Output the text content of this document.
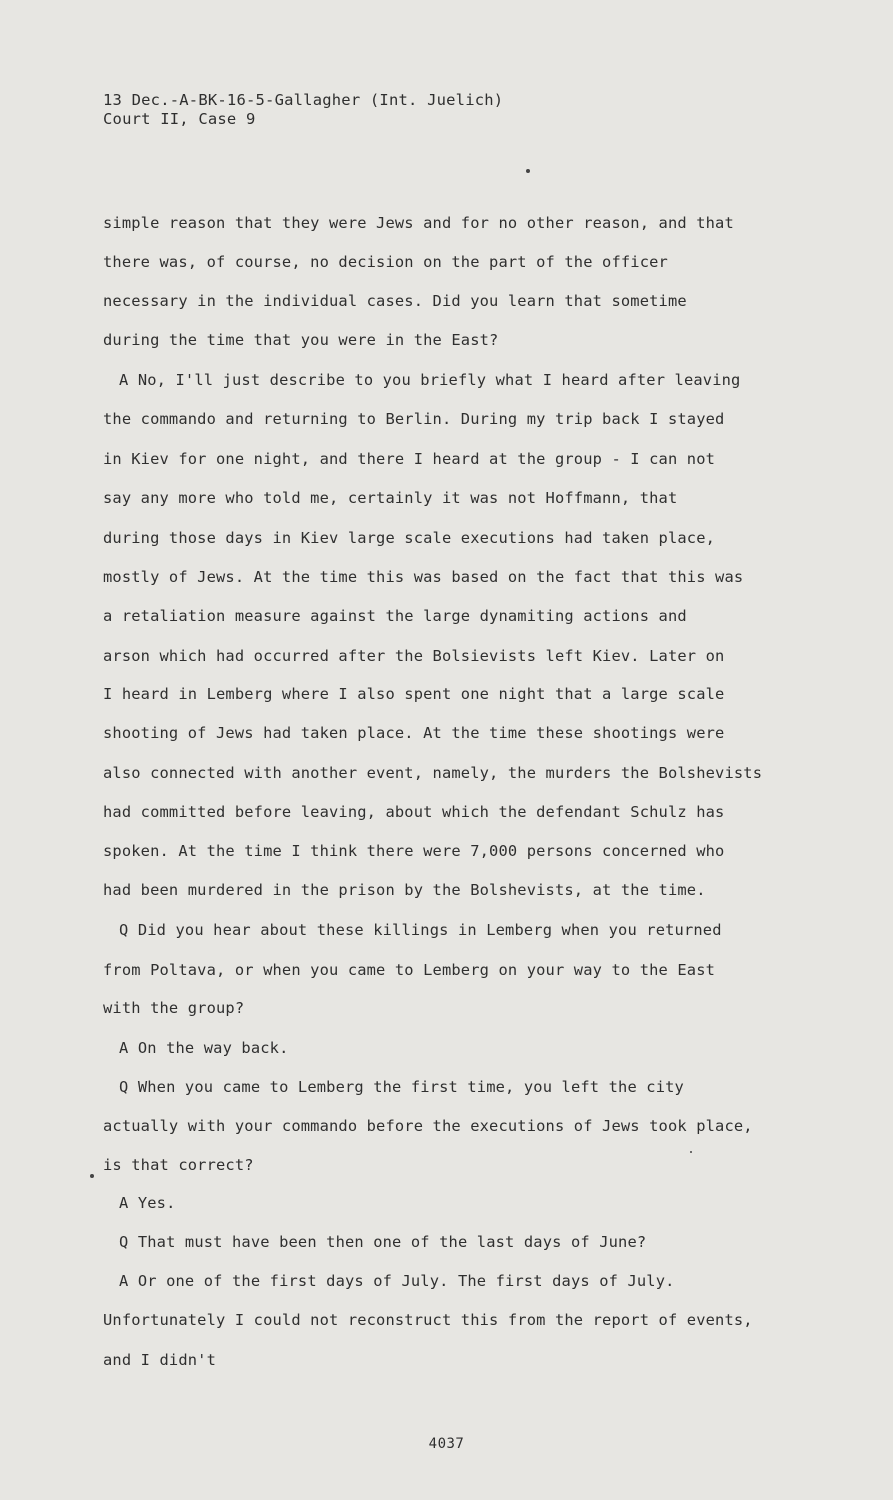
13 Dec.-A-BK-16-5-Gallagher (Int. Juelich)
Court II, Case 9
simple reason that they were Jews and for no other reason, and that
there was, of course, no decision on the part of the officer
necessary in the individual cases. Did you learn that sometime
during the time that you were in the East?
A No, I'll just describe to you briefly what I heard after leaving
the commando and returning to Berlin. During my trip back I stayed
in Kiev for one night, and there I heard at the group - I can not
say any more who told me, certainly it was not Hoffmann, that
during those days in Kiev large scale executions had taken place,
mostly of Jews. At the time this was based on the fact that this was
a retaliation measure against the large dynamiting actions and
arson which had occurred after the Bolsievists left Kiev. Later on
I heard in Lemberg where I also spent one night that a large scale
shooting of Jews had taken place. At the time these shootings were
also connected with another event, namely, the murders the Bolshevists
had committed before leaving, about which the defendant Schulz has
spoken. At the time I think there were 7,000 persons concerned who
had been murdered in the prison by the Bolshevists, at the time.
Q Did you hear about these killings in Lemberg when you returned
from Poltava, or when you came to Lemberg on your way to the East
with the group?
A On the way back.
Q When you came to Lemberg the first time, you left the city
actually with your commando before the executions of Jews took place,
is that correct?
A Yes.
Q That must have been then one of the last days of June?
A Or one of the first days of July. The first days of July.
Unfortunately I could not reconstruct this from the report of events,
and I didn't
4037
